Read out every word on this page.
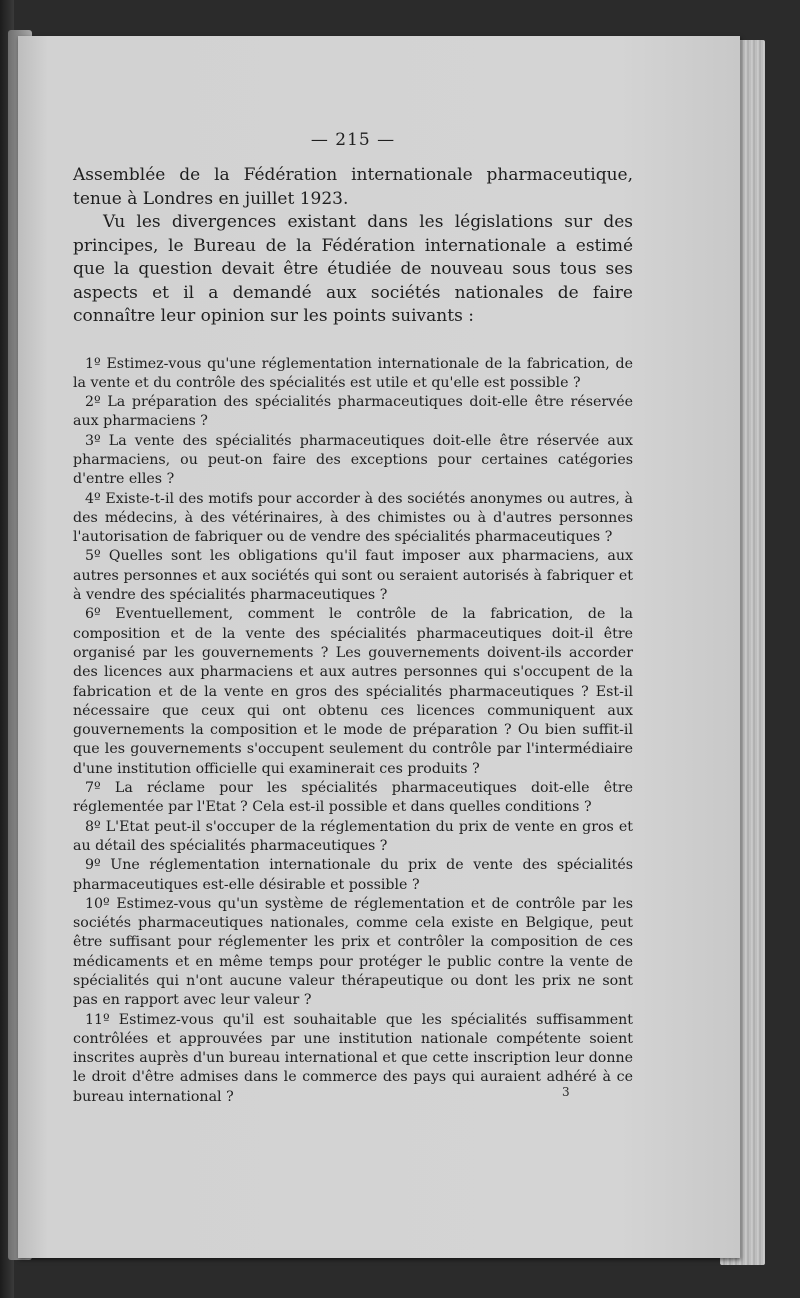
— 215 —

Assemblée de la Fédération internationale pharmaceutique, tenue à Londres en juillet 1923.

Vu les divergences existant dans les législations sur des principes, le Bureau de la Fédération internationale a estimé que la question devait être étudiée de nouveau sous tous ses aspects et il a demandé aux sociétés nationales de faire connaître leur opinion sur les points suivants :

1º Estimez-vous qu'une réglementation internationale de la fabrication, de la vente et du contrôle des spécialités est utile et qu'elle est possible ?

2º La préparation des spécialités pharmaceutiques doit-elle être réservée aux pharmaciens ?

3º La vente des spécialités pharmaceutiques doit-elle être réservée aux pharmaciens, ou peut-on faire des exceptions pour certaines catégories d'entre elles ?

4º Existe-t-il des motifs pour accorder à des sociétés anonymes ou autres, à des médecins, à des vétérinaires, à des chimistes ou à d'autres personnes l'autorisation de fabriquer ou de vendre des spécialités pharmaceutiques ?

5º Quelles sont les obligations qu'il faut imposer aux pharmaciens, aux autres personnes et aux sociétés qui sont ou seraient autorisés à fabriquer et à vendre des spécialités pharmaceutiques ?

6º Eventuellement, comment le contrôle de la fabrication, de la composition et de la vente des spécialités pharmaceutiques doit-il être organisé par les gouvernements ? Les gouvernements doivent-ils accorder des licences aux pharmaciens et aux autres personnes qui s'occupent de la fabrication et de la vente en gros des spécialités pharmaceutiques ? Est-il nécessaire que ceux qui ont obtenu ces licences communiquent aux gouvernements la composition et le mode de préparation ? Ou bien suffit-il que les gouvernements s'occupent seulement du contrôle par l'intermédiaire d'une institution officielle qui examinerait ces produits ?

7º La réclame pour les spécialités pharmaceutiques doit-elle être réglementée par l'Etat ? Cela est-il possible et dans quelles conditions ?

8º L'Etat peut-il s'occuper de la réglementation du prix de vente en gros et au détail des spécialités pharmaceutiques ?

9º Une réglementation internationale du prix de vente des spécialités pharmaceutiques est-elle désirable et possible ?

10º Estimez-vous qu'un système de réglementation et de contrôle par les sociétés pharmaceutiques nationales, comme cela existe en Belgique, peut être suffisant pour réglementer les prix et contrôler la composition de ces médicaments et en même temps pour protéger le public contre la vente de spécialités qui n'ont aucune valeur thérapeutique ou dont les prix ne sont pas en rapport avec leur valeur ?

11º Estimez-vous qu'il est souhaitable que les spécialités suffisamment contrôlées et approuvées par une institution nationale compétente soient inscrites auprès d'un bureau international et que cette inscription leur donne le droit d'être admises dans le commerce des pays qui auraient adhéré à ce bureau international ?	3
